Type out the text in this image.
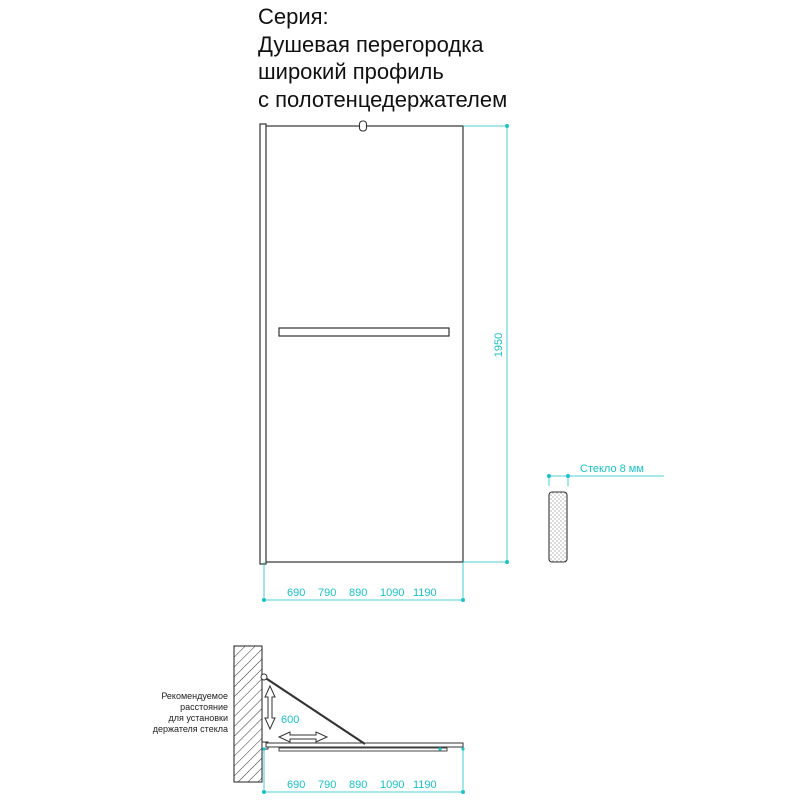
Серия:
Душевая перегородка
широкий профиль
с полотенцедержателем
1950
690 790 890 1090 1190
Стекло 8 мм
600
Рекомендуемое
расстояние
для установки
держателя стекла
690 790 890 1090 1190
